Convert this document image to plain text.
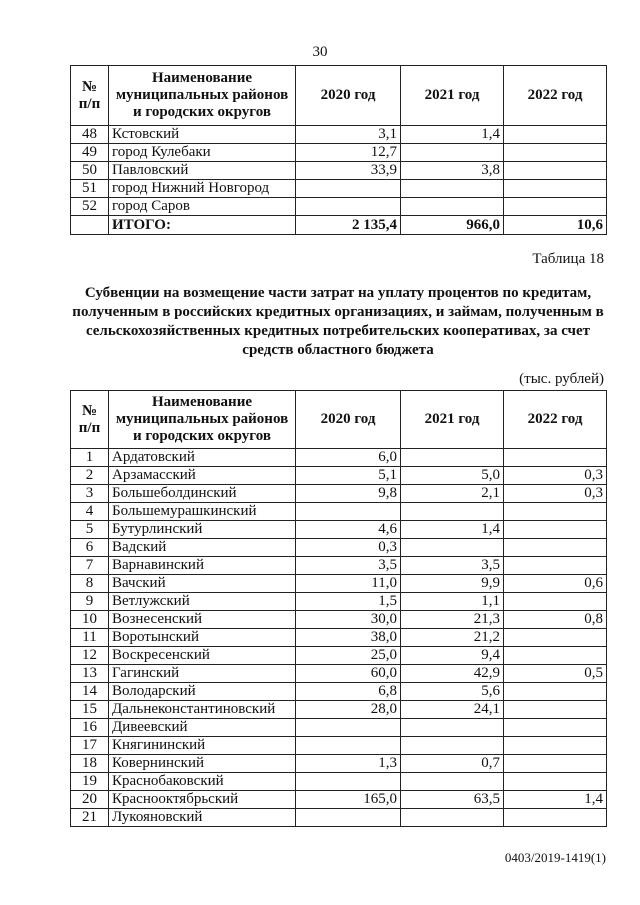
30
№ п/п	Наименование муниципальных районов и городских округов	2020 год	2021 год	2022 год
48	Кстовский	3,1	1,4	
49	город Кулебаки	12,7		
50	Павловский	33,9	3,8	
51	город Нижний Новгород			
52	город Саров			
	ИТОГО:	2 135,4	966,0	10,6
Таблица 18
Субвенции на возмещение части затрат на уплату процентов по кредитам, полученным в российских кредитных организациях, и займам, полученным в сельскохозяйственных кредитных потребительских кооперативах, за счет средств областного бюджета
(тыс. рублей)
№ п/п	Наименование муниципальных районов и городских округов	2020 год	2021 год	2022 год
1	Ардатовский	6,0		
2	Арзамасский	5,1	5,0	0,3
3	Большеболдинский	9,8	2,1	0,3
4	Большемурашкинский			
5	Бутурлинский	4,6	1,4	
6	Вадский	0,3		
7	Варнавинский	3,5	3,5	
8	Вачский	11,0	9,9	0,6
9	Ветлужский	1,5	1,1	
10	Вознесенский	30,0	21,3	0,8
11	Воротынский	38,0	21,2	
12	Воскресенский	25,0	9,4	
13	Гагинский	60,0	42,9	0,5
14	Володарский	6,8	5,6	
15	Дальнеконстантиновский	28,0	24,1	
16	Дивеевский			
17	Княгининский			
18	Ковернинский	1,3	0,7	
19	Краснобаковский			
20	Краснооктябрьский	165,0	63,5	1,4
21	Лукояновский			
0403/2019-1419(1)
